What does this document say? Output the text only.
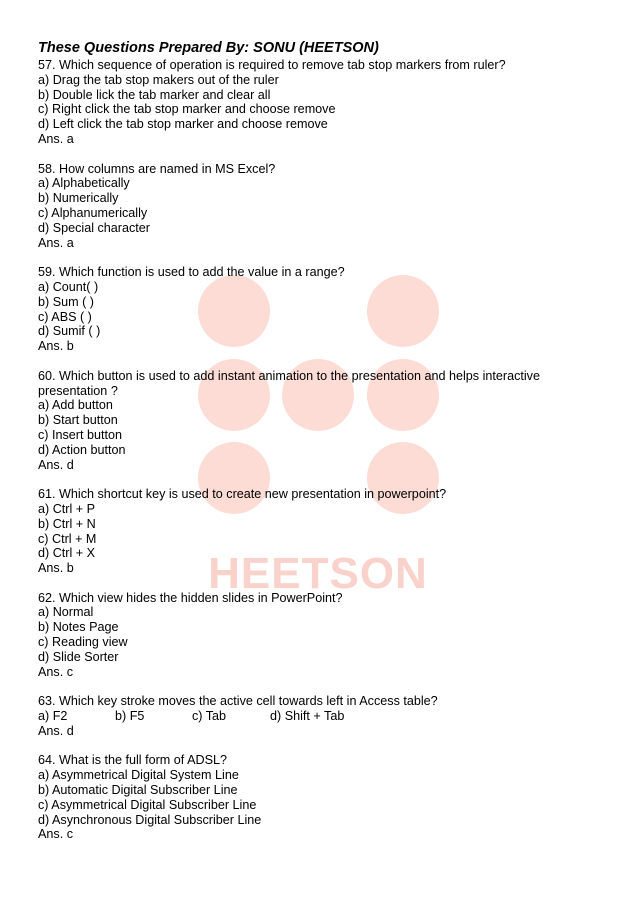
HEETSON
These Questions Prepared By: SONU (HEETSON)
57. Which sequence of operation is required to remove tab stop markers from ruler?
a) Drag the tab stop makers out of the ruler
b) Double lick the tab marker and clear all
c) Right click the tab stop marker and choose remove
d) Left click the tab stop marker and choose remove
Ans. a
58. How columns are named in MS Excel?
a) Alphabetically
b) Numerically
c) Alphanumerically
d) Special character
Ans. a
59. Which function is used to add the value in a range?
a) Count( )
b) Sum ( )
c) ABS ( )
d) Sumif ( )
Ans. b
60. Which button is used to add instant animation to the presentation and helps interactive
presentation ?
a) Add button
b) Start button
c) Insert button
d) Action button
Ans. d
61. Which shortcut key is used to create new presentation in powerpoint?
a) Ctrl + P
b) Ctrl + N
c) Ctrl + M
d) Ctrl + X
Ans. b
62. Which view hides the hidden slides in PowerPoint?
a) Normal
b) Notes Page
c) Reading view
d) Slide Sorter
Ans. c
63. Which key stroke moves the active cell towards left in Access table?
a) F2	b) F5	c) Tab	d) Shift + Tab
Ans. d
64. What is the full form of ADSL?
a) Asymmetrical Digital System Line
b) Automatic Digital Subscriber Line
c) Asymmetrical Digital Subscriber Line
d) Asynchronous Digital Subscriber Line
Ans. c
